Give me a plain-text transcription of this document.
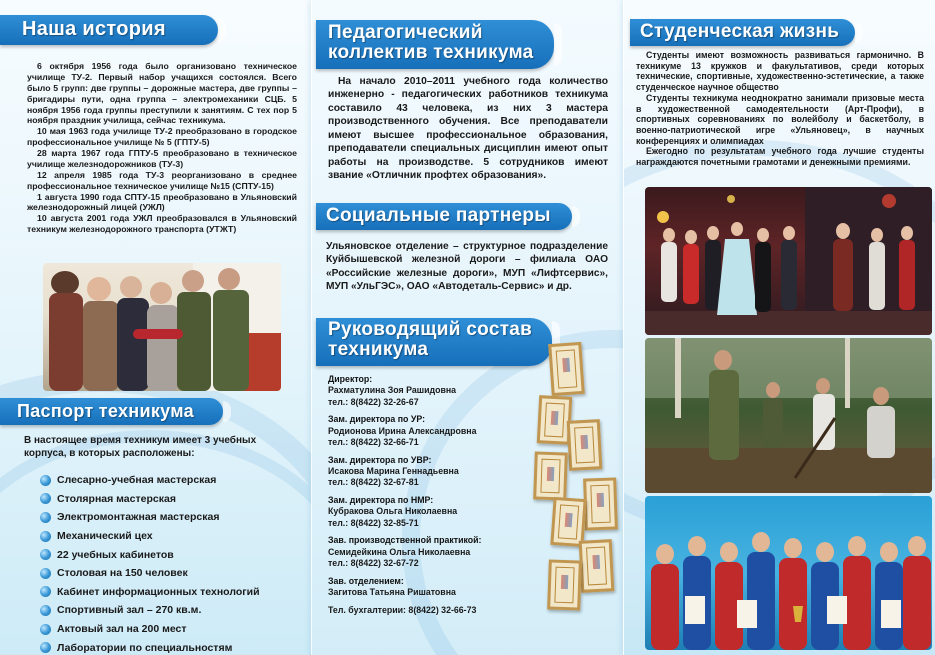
Наша история

6 октября 1956 года было организовано техническое училище ТУ-2. Первый набор учащихся состоялся. Всего было 5 групп: две группы – дорожные мастера, две группы – бригадиры пути, одна группа – электромеханики СЦБ. 5 ноября 1956 года группы преступили к занятиям. С тех пор 5 ноября праздник училища, сейчас техникума.

10 мая 1963 года училище ТУ-2 преобразовано в городское профессиональное училище № 5 (ГПТУ-5)

28 марта 1967 года ГПТУ-5 преобразовано в техническое училище железнодорожников (ТУ-3)

12 апреля 1985 года ТУ-3 реорганизовано в среднее профессиональное техническое училище №15 (СПТУ-15)

1 августа 1990 года СПТУ-15 преобразовано в Ульяновский железнодорожный лицей (УЖЛ)

10 августа 2001 года УЖЛ преобразовался в Ульяновский техникум железнодорожного транспорта (УТЖТ)

Паспорт техникума
В настоящее время техникум имеет 3 учебных корпуса, в которых расположены:
Слесарно-учебная мастерская
Столярная мастерская
Электромонтажная мастерская
Механический цех
22 учебных кабинетов
Столовая на 150 человек
Кабинет информационных технологий
Спортивный зал – 270 кв.м.
Актовый зал на 200 мест
Лаборатории по специальностям
Педагогический
коллектив техникума

На начало 2010–2011 учебного года количество инженерно - педагогических работников техникума составило 43 человека, из них 3 мастера производственного обучения. Все преподаватели имеют высшее профессиональное образования, преподаватели специальных дисциплин имеют опыт работы на производстве. 5 сотрудников имеют звание «Отличник профтех образования».

Социальные партнеры

Ульяновское отделение – структурное подразделение Куйбышевской железной дороги – филиала ОАО «Российские железные дороги», МУП «Лифтсервис», МУП «УльГЭС», ОАО «Автодеталь-Сервис» и др.

Руководящий состав
техникума
Директор:
Рахматулина Зоя Рашидовна
тел.: 8(8422) 32-26-67
Зам. директора по УР:
Родионова Ирина Александровна
тел.: 8(8422) 32-66-71
Зам. директора по УВР:
Исакова Марина Геннадьевна
тел.: 8(8422) 32-67-81
Зам. директора по НМР:
Кубракова Ольга Николаевна
тел.: 8(8422) 32-85-71
Зав. производственной практикой:
Семидейкина Ольга Николаевна
тел.: 8(8422) 32-67-72
Зав. отделением:
Загитова Татьяна Ришатовна
Тел. бухгалтерии: 8(8422) 32-66-73
Студенческая жизнь

Студенты имеют возможность развиваться гармонично. В техникуме 13 кружков и факультативов, среди которых технические, спортивные, художественно-эстетические, а также студенческое научное общество

Студенты техникума неоднократно занимали призовые места в художественной самодеятельности (Арт-Профи), в спортивных соревнованиях по волейболу и баскетболу, в военно-патриотической игре «Ульяновец», в научных конференциях и олимпиадах

Ежегодно по результатам учебного года лучшие студенты награждаются почетными грамотами и денежными премиями.
